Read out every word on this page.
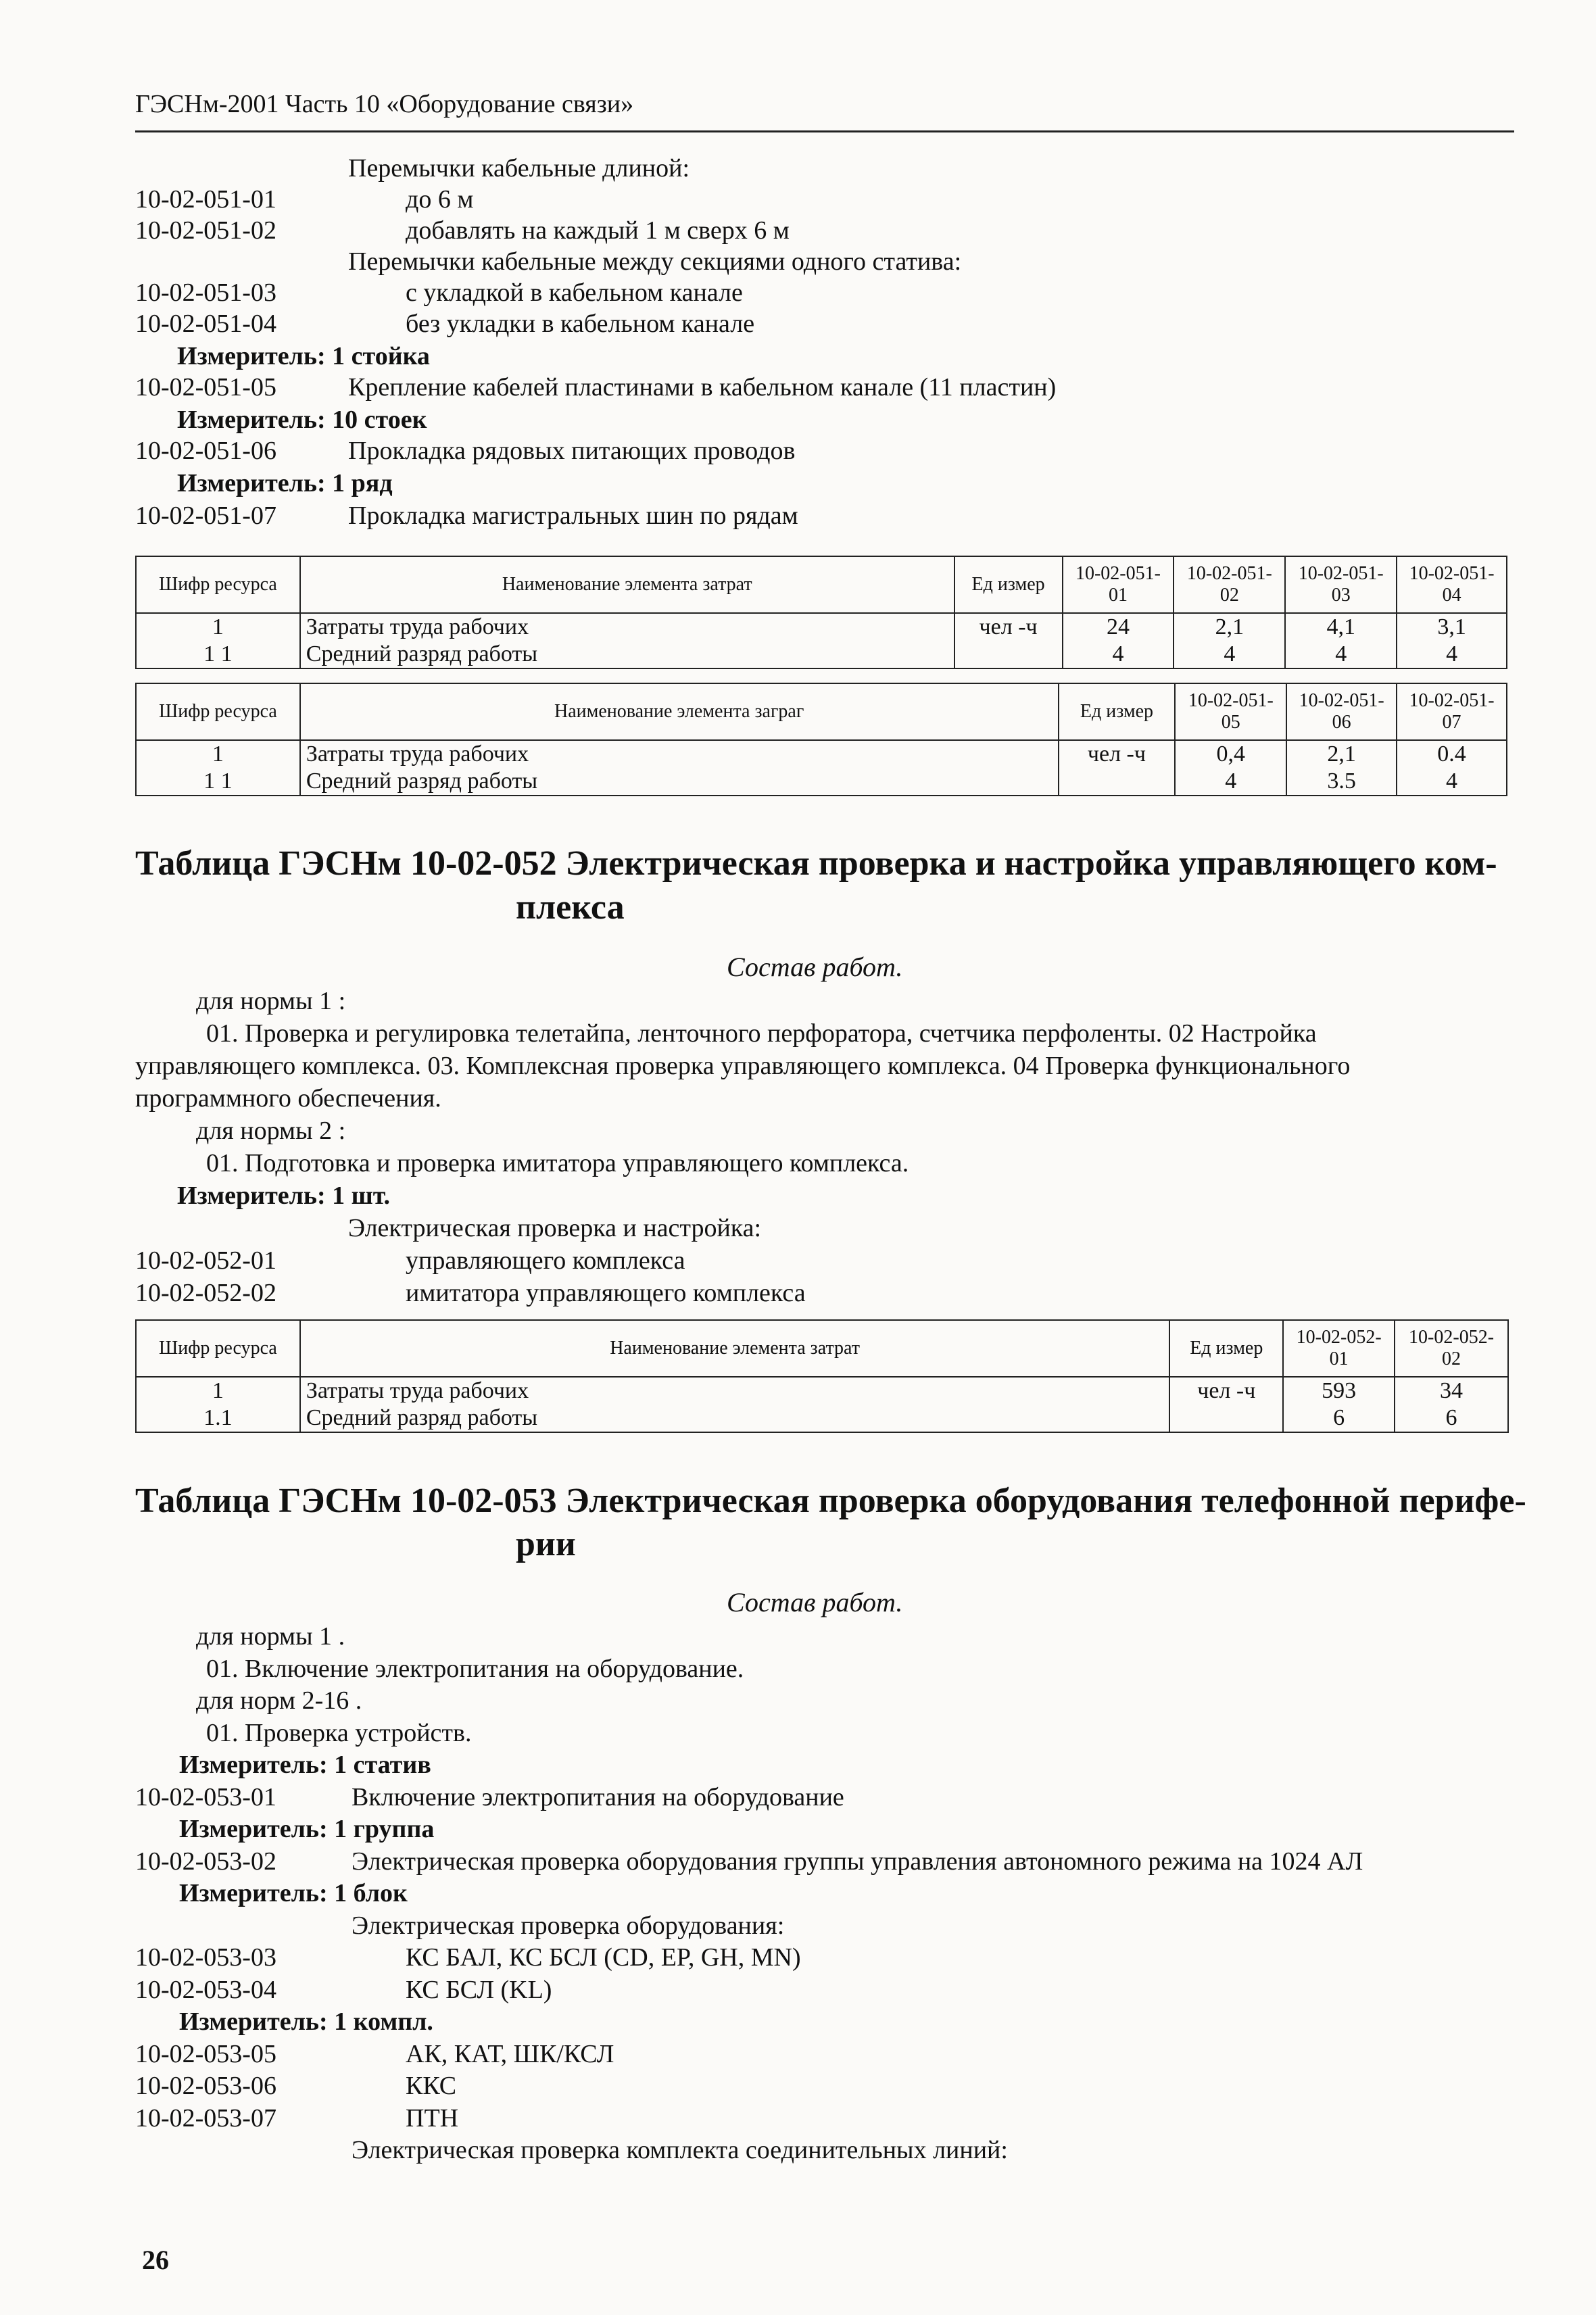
ГЭСНм-2001 Часть 10 «Оборудование связи»
Перемычки кабельные длиной:
10-02-051-01	до 6 м
10-02-051-02	добавлять на каждый 1 м сверх 6 м
Перемычки кабельные между секциями одного статива:
10-02-051-03	с укладкой в кабельном канале
10-02-051-04	без укладки в кабельном канале
Измеритель: 1 стойка
10-02-051-05	Крепление кабелей пластинами в кабельном канале (11 пластин)
Измеритель: 10 стоек
10-02-051-06	Прокладка рядовых питающих проводов
Измеритель: 1 ряд
10-02-051-07	Прокладка магистральных шин по рядам
Шифр ресурса	Наименование элемента затрат	Ед измер	10-02-051-01	10-02-051-02	10-02-051-03	10-02-051-04
1	Затраты труда рабочих	чел -ч	24	2,1	4,1	3,1
1 1	Средний разряд работы		4	4	4	4
Шифр ресурса	Наименование элемента заграг	Ед измер	10-02-051-05	10-02-051-06	10-02-051-07
1	Затраты труда рабочих	чел -ч	0,4	2,1	0.4
1 1	Средний разряд работы		4	3.5	4
Таблица ГЭСНм 10-02-052 Электрическая проверка и настройка управляющего ком-
плекса
Состав работ.
для нормы 1 :
01. Проверка и регулировка телетайпа, ленточного перфоратора, счетчика перфоленты. 02 Настройка
управляющего комплекса. 03. Комплексная проверка управляющего комплекса. 04 Проверка функционального
программного обеспечения.
для нормы 2 :
01. Подготовка и проверка имитатора управляющего комплекса.
Измеритель: 1 шт.
Электрическая проверка и настройка:
10-02-052-01	управляющего комплекса
10-02-052-02	имитатора управляющего комплекса
Шифр ресурса	Наименование элемента затрат	Ед измер	10-02-052-01	10-02-052-02
1	Затраты труда рабочих	чел -ч	593	34
1.1	Средний разряд работы		6	6
Таблица ГЭСНм 10-02-053 Электрическая проверка оборудования телефонной перифе-
рии
Состав работ.
для нормы 1 .
01. Включение электропитания на оборудование.
для норм 2-16 .
01. Проверка устройств.
Измеритель: 1 статив
10-02-053-01	Включение электропитания на оборудование
Измеритель: 1 группа
10-02-053-02	Электрическая проверка оборудования группы управления автономного режима на 1024 АЛ
Измеритель: 1 блок
Электрическая проверка оборудования:
10-02-053-03	КС БАЛ, КС БСЛ (CD, EP, GH, MN)
10-02-053-04	КС БСЛ (KL)
Измеритель: 1 компл.
10-02-053-05	АК, КАТ, ШК/КСЛ
10-02-053-06	ККС
10-02-053-07	ПТН
Электрическая проверка комплекта соединительных линий:
26
